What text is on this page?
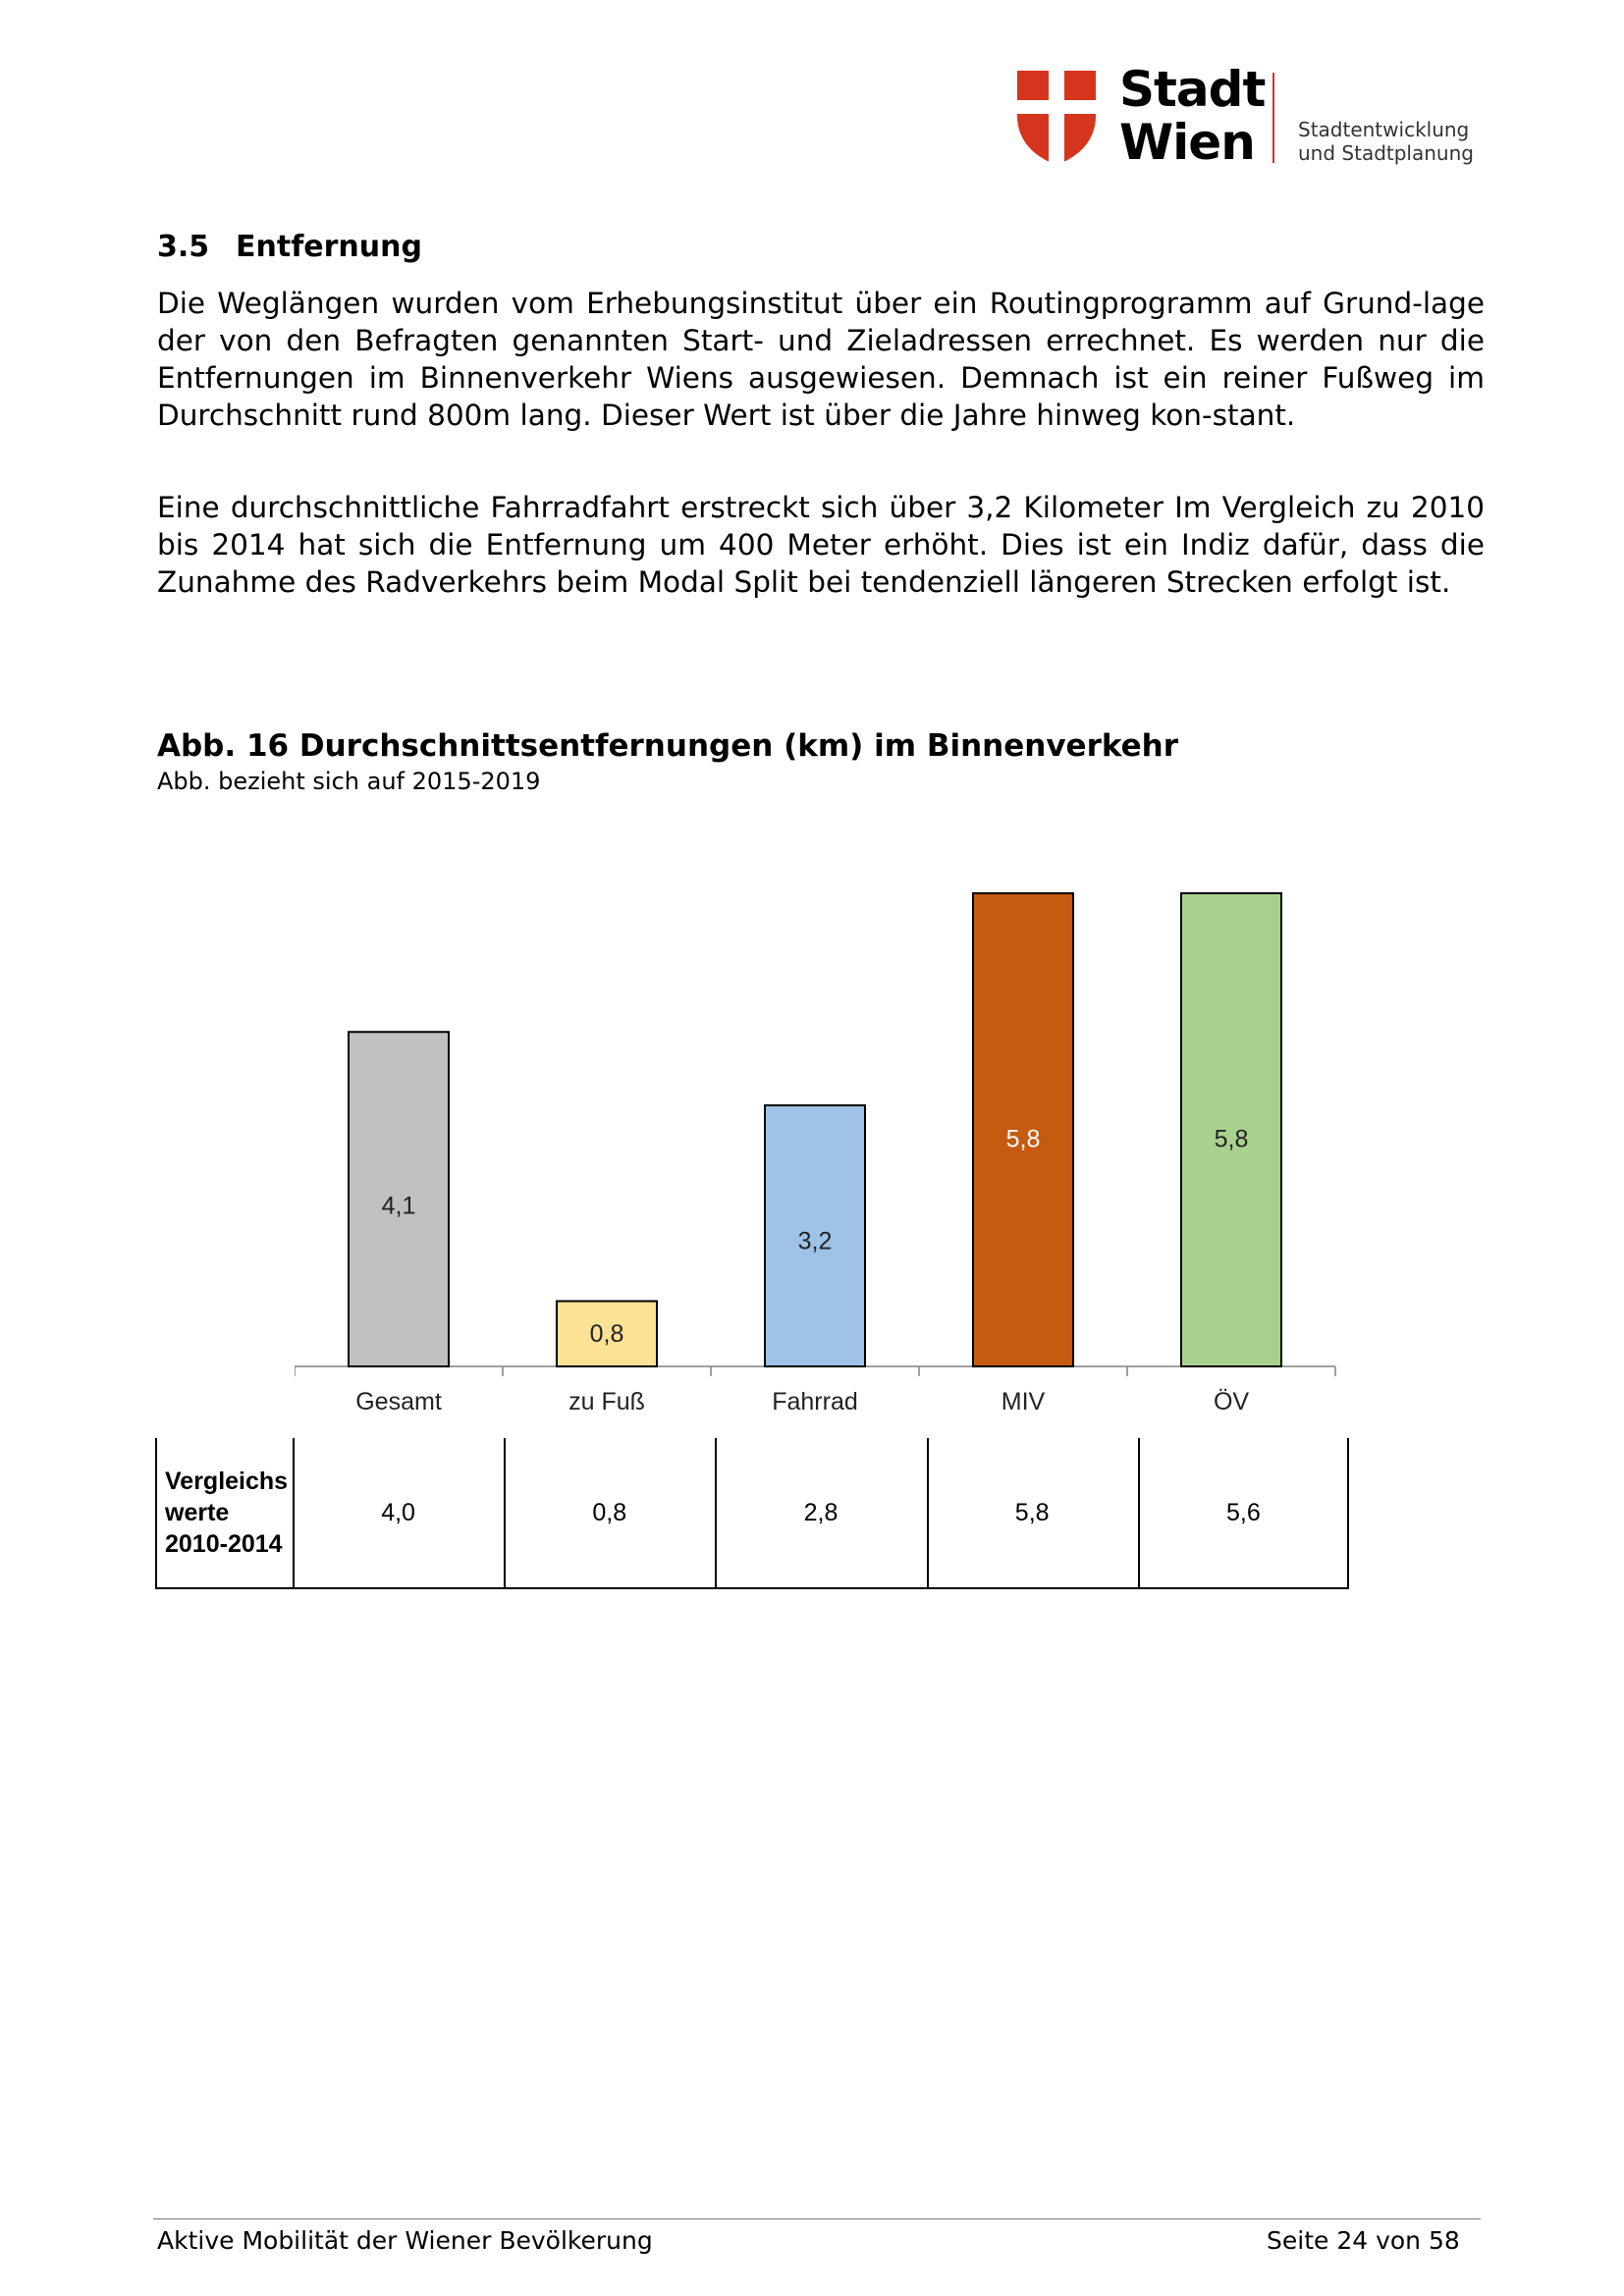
Stadt
Wien	Stadtentwicklung
und Stadtplanung
3.5 Entfernung

Die Weglängen wurden vom Erhebungsinstitut über ein Routingprogramm auf Grund-lage der von den Befragten genannten Start- und Zieladressen errechnet. Es werden nur die Entfernungen im Binnenverkehr Wiens ausgewiesen. Demnach ist ein reiner Fußweg im Durchschnitt rund 800m lang. Dieser Wert ist über die Jahre hinweg kon-stant.

Eine durchschnittliche Fahrradfahrt erstreckt sich über 3,2 Kilometer Im Vergleich zu 2010 bis 2014 hat sich die Entfernung um 400 Meter erhöht. Dies ist ein Indiz dafür, dass die Zunahme des Radverkehrs beim Modal Split bei tendenziell längeren Strecken erfolgt ist.

Abb. 16 Durchschnittsentfernungen (km) im Binnenverkehr
Abb. bezieht sich auf 2015-2019
4,1
Gesamt
0,8
zu Fuß
3,2
Fahrrad
5,8
MIV
5,8
ÖV
Vergleichs
werte
2010-2014
4,0	0,8	2,8	5,8	5,6
Aktive Mobilität der Wiener Bevölkerung	Seite 24 von 58
